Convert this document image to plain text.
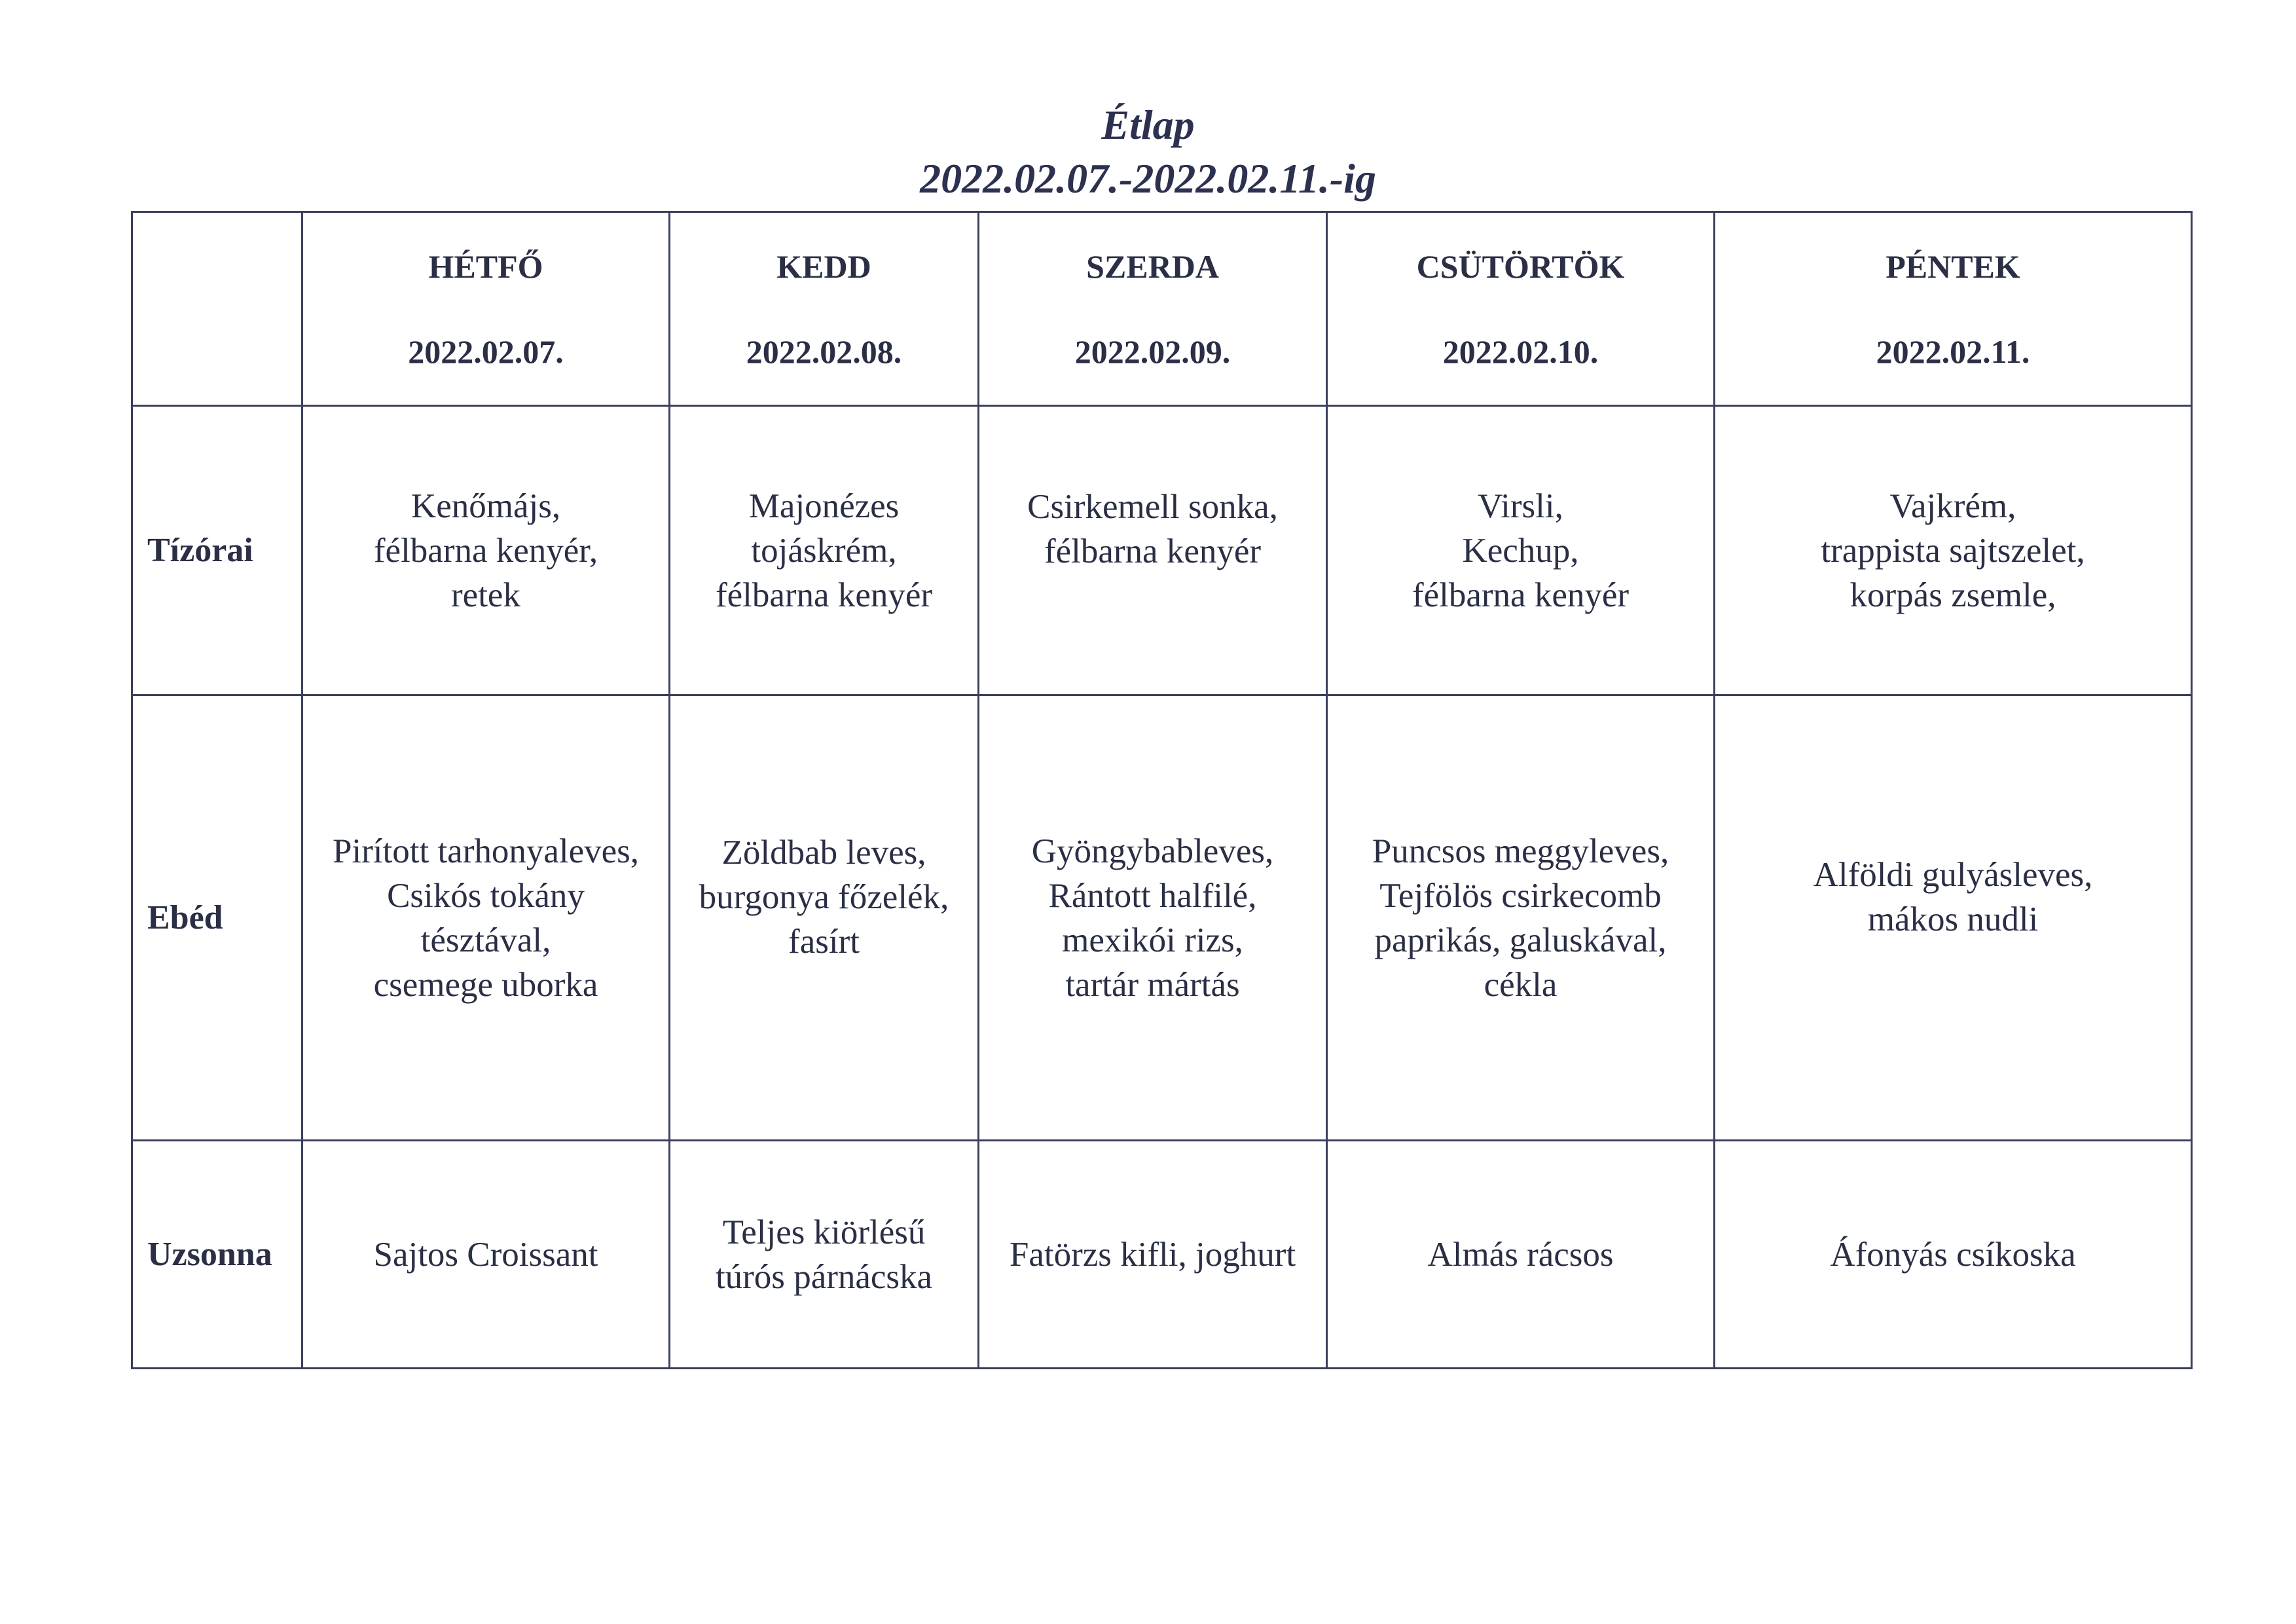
Étlap
2022.02.07.-2022.02.11.-ig

	HÉTFŐ
2022.02.07.	KEDD
2022.02.08.	SZERDA
2022.02.09.	CSÜTÖRTÖK
2022.02.10.	PÉNTEK
2022.02.11.

Tízórai	Kenőmájs,
félbarna kenyér,
retek	Majonézes
tojáskrém,
félbarna kenyér	Csirkemell sonka,
félbarna kenyér	Virsli,
Kechup,
félbarna kenyér	Vajkrém,
trappista sajtszelet,
korpás zsemle,

Ebéd	Pirított tarhonyaleves,
Csikós tokány
tésztával,
csemege uborka	Zöldbab leves,
burgonya főzelék,
fasírt	Gyöngybableves,
Rántott halfilé,
mexikói rizs,
tartár mártás	Puncsos meggyleves,
Tejfölös csirkecomb
paprikás, galuskával,
cékla	Alföldi gulyásleves,
mákos nudli

Uzsonna	Sajtos Croissant	Teljes kiörlésű
túrós párnácska	Fatörzs kifli, joghurt	Almás rácsos	Áfonyás csíkoska
